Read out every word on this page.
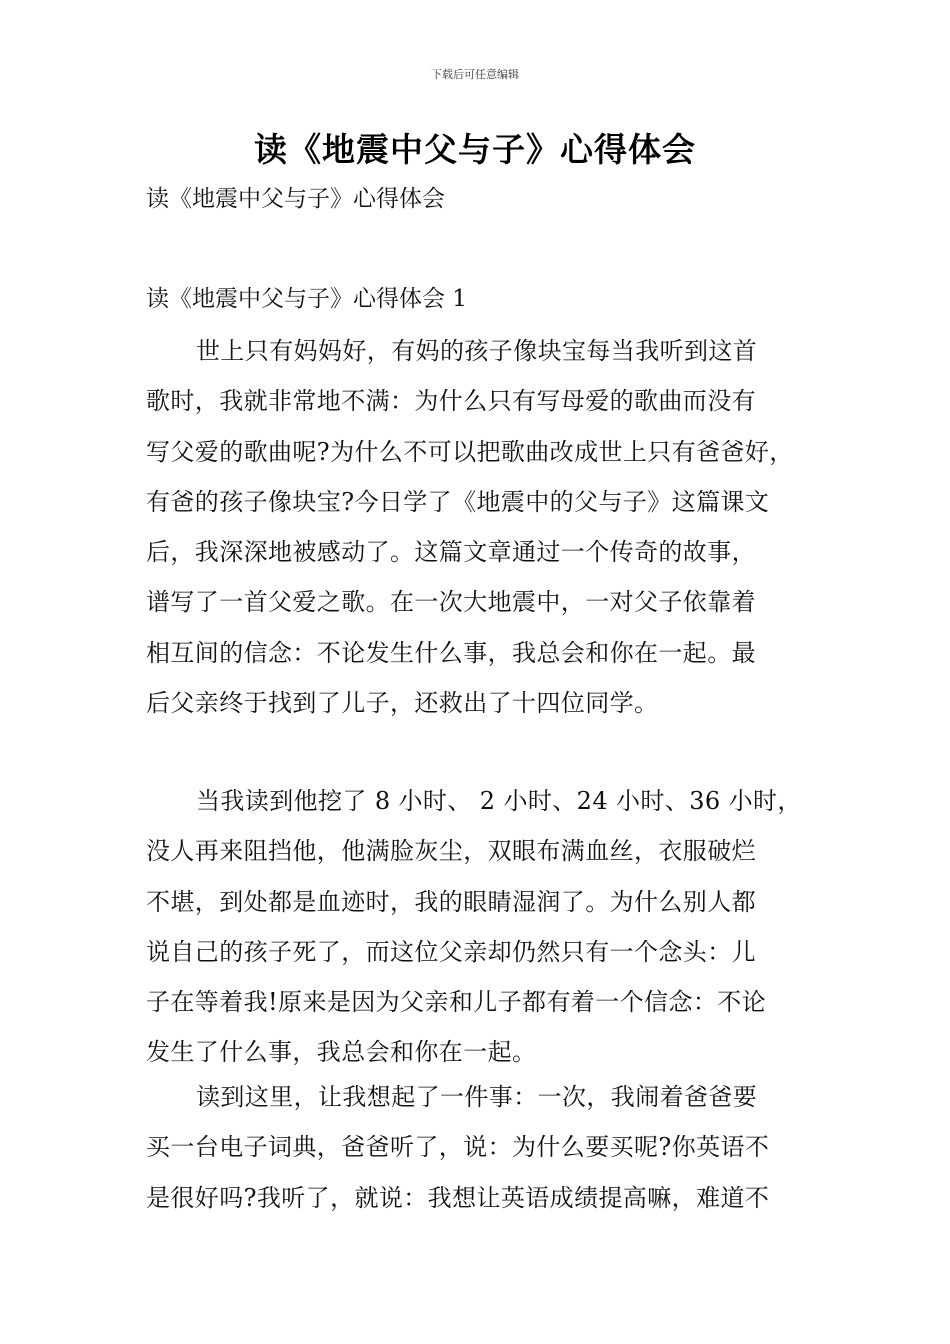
下载后可任意编辑
读《地震中父与子》心得体会
读《地震中父与子》心得体会
读《地震中父与子》心得体会 1
世上只有妈妈好，有妈的孩子像块宝每当我听到这首
歌时，我就非常地不满：为什么只有写母爱的歌曲而没有
写父爱的歌曲呢?为什么不可以把歌曲改成世上只有爸爸好，
有爸的孩子像块宝?今日学了《地震中的父与子》这篇课文
后，我深深地被感动了。这篇文章通过一个传奇的故事，
谱写了一首父爱之歌。在一次大地震中，一对父子依靠着
相互间的信念：不论发生什么事，我总会和你在一起。最
后父亲终于找到了儿子，还救出了十四位同学。
当我读到他挖了 8 小时、 2 小时、24 小时、36 小时，
没人再来阻挡他，他满脸灰尘，双眼布满血丝，衣服破烂
不堪，到处都是血迹时，我的眼睛湿润了。为什么别人都
说自己的孩子死了，而这位父亲却仍然只有一个念头：儿
子在等着我!原来是因为父亲和儿子都有着一个信念：不论
发生了什么事，我总会和你在一起。
读到这里，让我想起了一件事：一次，我闹着爸爸要
买一台电子词典，爸爸听了，说：为什么要买呢?你英语不
是很好吗?我听了，就说：我想让英语成绩提高嘛，难道不
